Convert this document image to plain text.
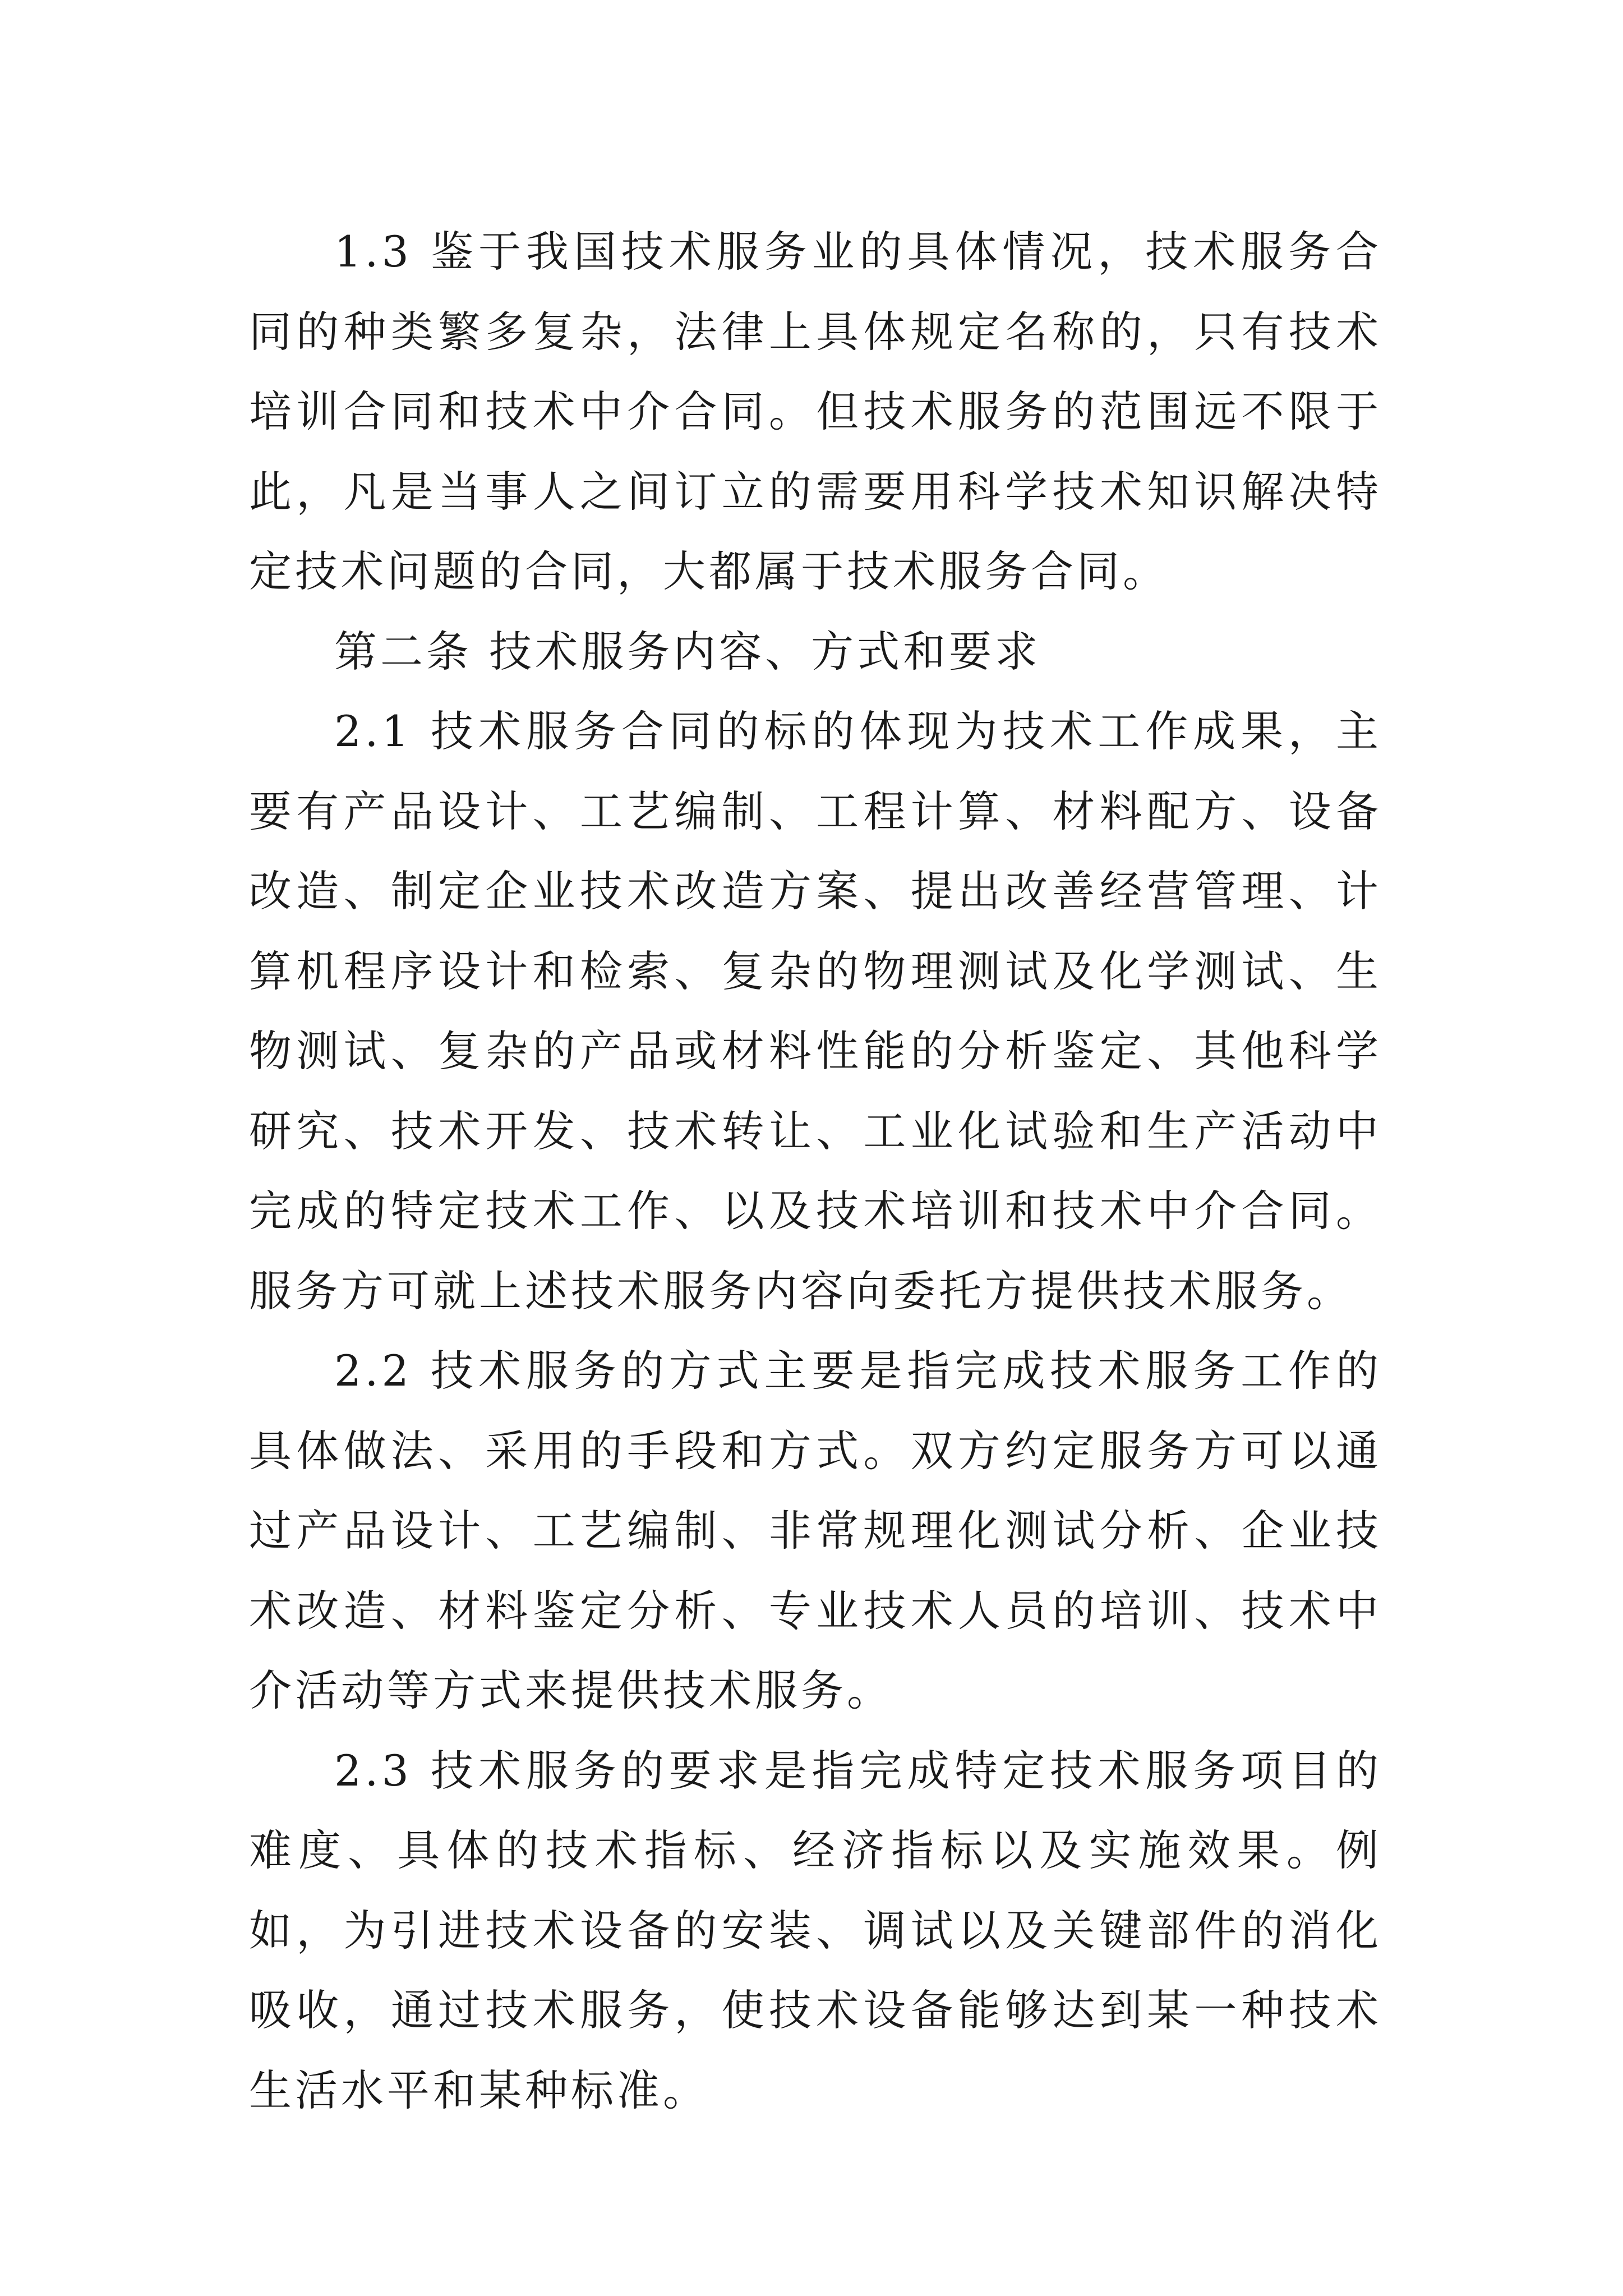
1.3 鉴于我国技术服务业的具体情况，技术服务合同的种类繁多复杂，法律上具体规定名称的，只有技术培训合同和技术中介合同。但技术服务的范围远不限于此，凡是当事人之间订立的需要用科学技术知识解决特定技术问题的合同，大都属于技术服务合同。

第二条 技术服务内容、方式和要求

2.1 技术服务合同的标的体现为技术工作成果，主要有产品设计、工艺编制、工程计算、材料配方、设备改造、制定企业技术改造方案、提出改善经营管理、计算机程序设计和检索、复杂的物理测试及化学测试、生物测试、复杂的产品或材料性能的分析鉴定、其他科学研究、技术开发、技术转让、工业化试验和生产活动中完成的特定技术工作、以及技术培训和技术中介合同。服务方可就上述技术服务内容向委托方提供技术服务。

2.2 技术服务的方式主要是指完成技术服务工作的具体做法、采用的手段和方式。双方约定服务方可以通过产品设计、工艺编制、非常规理化测试分析、企业技术改造、材料鉴定分析、专业技术人员的培训、技术中介活动等方式来提供技术服务。

2.3 技术服务的要求是指完成特定技术服务项目的难度、具体的技术指标、经济指标以及实施效果。例如，为引进技术设备的安装、调试以及关键部件的消化吸收，通过技术服务，使技术设备能够达到某一种技术生活水平和某种标准。
